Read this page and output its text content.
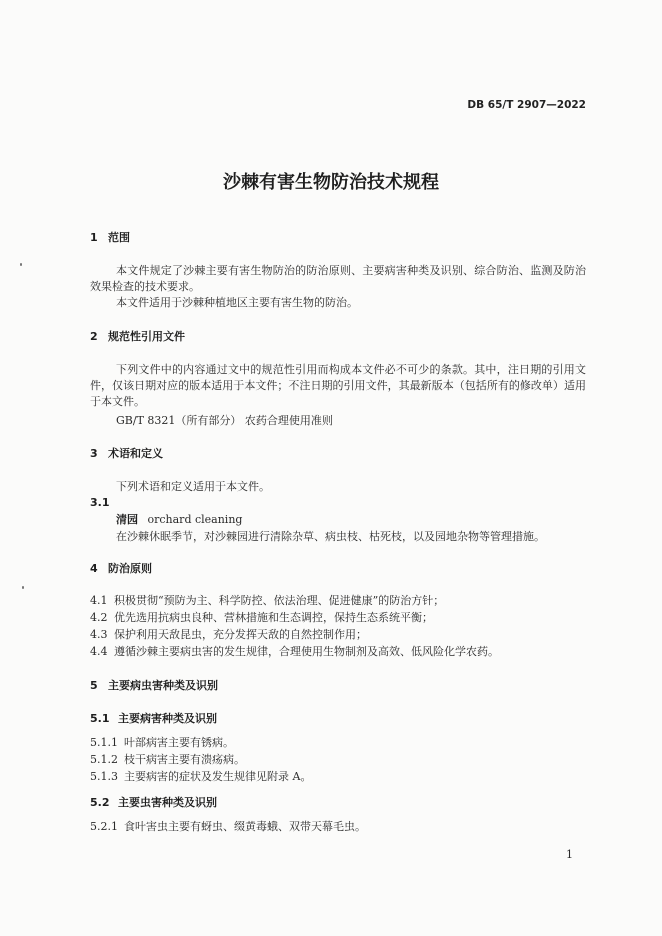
DB 65/T 2907—2022
沙棘有害生物防治技术规程
1 范围
本文件规定了沙棘主要有害生物防治的防治原则、主要病害种类及识别、综合防治、监测及防治效果检查的技术要求。
本文件适用于沙棘种植地区主要有害生物的防治。
2 规范性引用文件
下列文件中的内容通过文中的规范性引用而构成本文件必不可少的条款。其中，注日期的引用文件，仅该日期对应的版本适用于本文件；不注日期的引用文件，其最新版本（包括所有的修改单）适用于本文件。
GB/T 8321（所有部分） 农药合理使用准则
3 术语和定义
下列术语和定义适用于本文件。
3.1
清园 orchard cleaning
在沙棘休眠季节，对沙棘园进行清除杂草、病虫枝、枯死枝，以及园地杂物等管理措施。
4 防治原则
4.1 积极贯彻“预防为主、科学防控、依法治理、促进健康”的防治方针；
4.2 优先选用抗病虫良种、营林措施和生态调控，保持生态系统平衡；
4.3 保护利用天敌昆虫，充分发挥天敌的自然控制作用；
4.4 遵循沙棘主要病虫害的发生规律，合理使用生物制剂及高效、低风险化学农药。
5 主要病虫害种类及识别
5.1 主要病害种类及识别
5.1.1 叶部病害主要有锈病。
5.1.2 枝干病害主要有溃疡病。
5.1.3 主要病害的症状及发生规律见附录 A。
5.2 主要虫害种类及识别
5.2.1 食叶害虫主要有蚜虫、缀黄毒蛾、双带天幕毛虫。
1
